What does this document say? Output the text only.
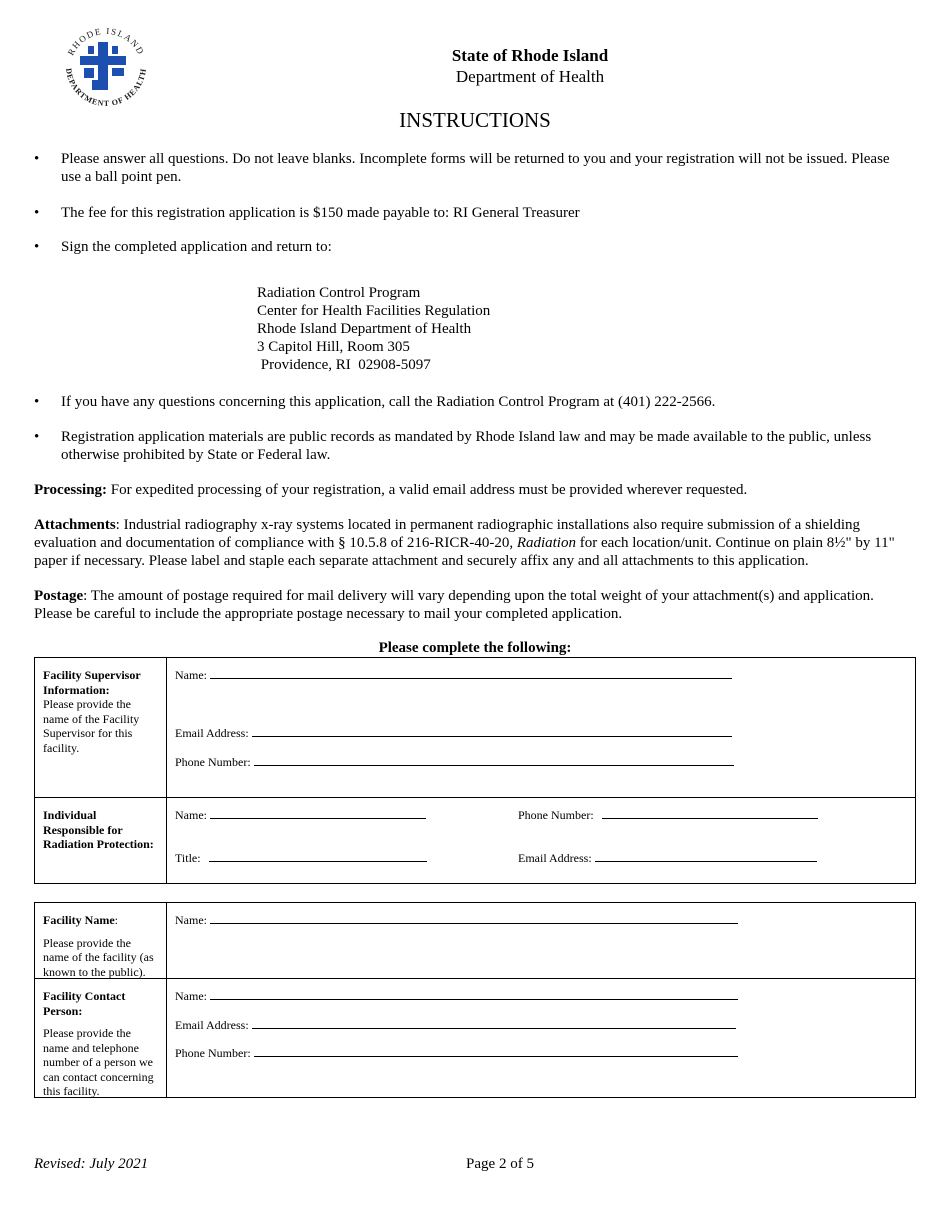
RHODE ISLAND
DEPARTMENT OF HEALTH
State of Rhode Island
Department of Health
INSTRUCTIONS
• Please answer all questions. Do not leave blanks. Incomplete forms will be returned to you and your registration will not be issued. Please use a ball point pen.
• The fee for this registration application is $150 made payable to: RI General Treasurer
• Sign the completed application and return to:
Radiation Control Program
Center for Health Facilities Regulation
Rhode Island Department of Health
3 Capitol Hill, Room 305
Providence, RI  02908-5097
• If you have any questions concerning this application, call the Radiation Control Program at (401) 222-2566.
• Registration application materials are public records as mandated by Rhode Island law and may be made available to the public, unless otherwise prohibited by State or Federal law.
Processing: For expedited processing of your registration, a valid email address must be provided wherever requested.
Attachments: Industrial radiography x-ray systems located in permanent radiographic installations also require submission of a shielding evaluation and documentation of compliance with § 10.5.8 of 216-RICR-40-20, Radiation for each location/unit. Continue on plain 8½" by 11" paper if necessary. Please label and staple each separate attachment and securely affix any and all attachments to this application.
Postage: The amount of postage required for mail delivery will vary depending upon the total weight of your attachment(s) and application. Please be careful to include the appropriate postage necessary to mail your completed application.
Please complete the following:
Facility Supervisor Information:
Please provide the name of the Facility Supervisor for this facility.
Name:
Email Address:
Phone Number:
Individual Responsible for Radiation Protection:
Name:
Title:
Phone Number:
Email Address:
Facility Name:
Please provide the name of the facility (as known to the public).
Name:
Facility Contact Person:
Please provide the name and telephone number of a person we can contact concerning this facility.
Name:
Email Address:
Phone Number:
Revised: July 2021	Page 2 of 5
